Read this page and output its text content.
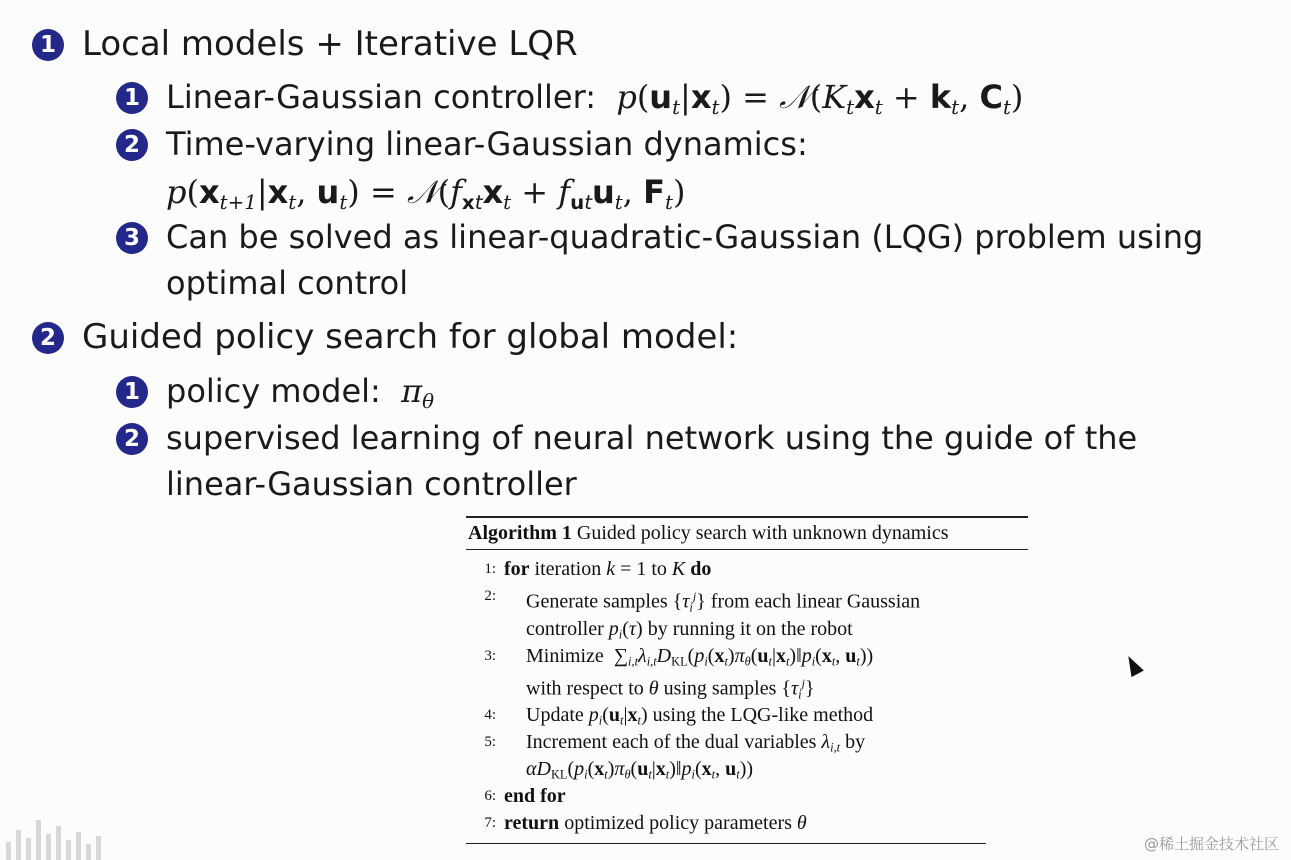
1 Local models + Iterative LQR
1 Linear-Gaussian controller: $p(u_t|x_t)$ = $𝒩(K_tx_t + k_t$, $C_t$)
2 Time-varying linear-Gaussian dynamics:
$p(x_{t+1}|x_t$, $u_t$) = $𝒩(f_{xt}x_t + f_{ut}u_t$, $F_t$)
3 Can be solved as linear-quadratic-Gaussian (LQG) problem using
optimal control
2 Guided policy search for global model:
1 policy model:  $\pi_\theta$
2 supervised learning of neural network using the guide of the
linear-Gaussian controller
Algorithm 1 Guided policy search with unknown dynamics
1: for iteration k = 1 to K do
2:	Generate samples $\{\tau_i^j\}$ from each linear Gaussian
controller $p_i(\tau)$ by running it on the robot
3:	Minimize  $\sum_{i,t}\lambda_{i,t}D_{KL}(p_i(x_t)\pi_\theta(u_t|x_t)‖p_i(x_t$, $u_t$))
with respect to θ using samples $\{\tau_i^j\}$
4:	Update $p_i(u_t|x_t)$ using the LQG-like method
5:	Increment each of the dual variables $\lambda_{i,t}$ by
$\alpha D_{KL}(p_i(x_t)\pi_\theta(u_t|x_t)‖p_i(x_t$, $u_t$))
6: end for
7: return optimized policy parameters θ
@稀土掘金技术社区
